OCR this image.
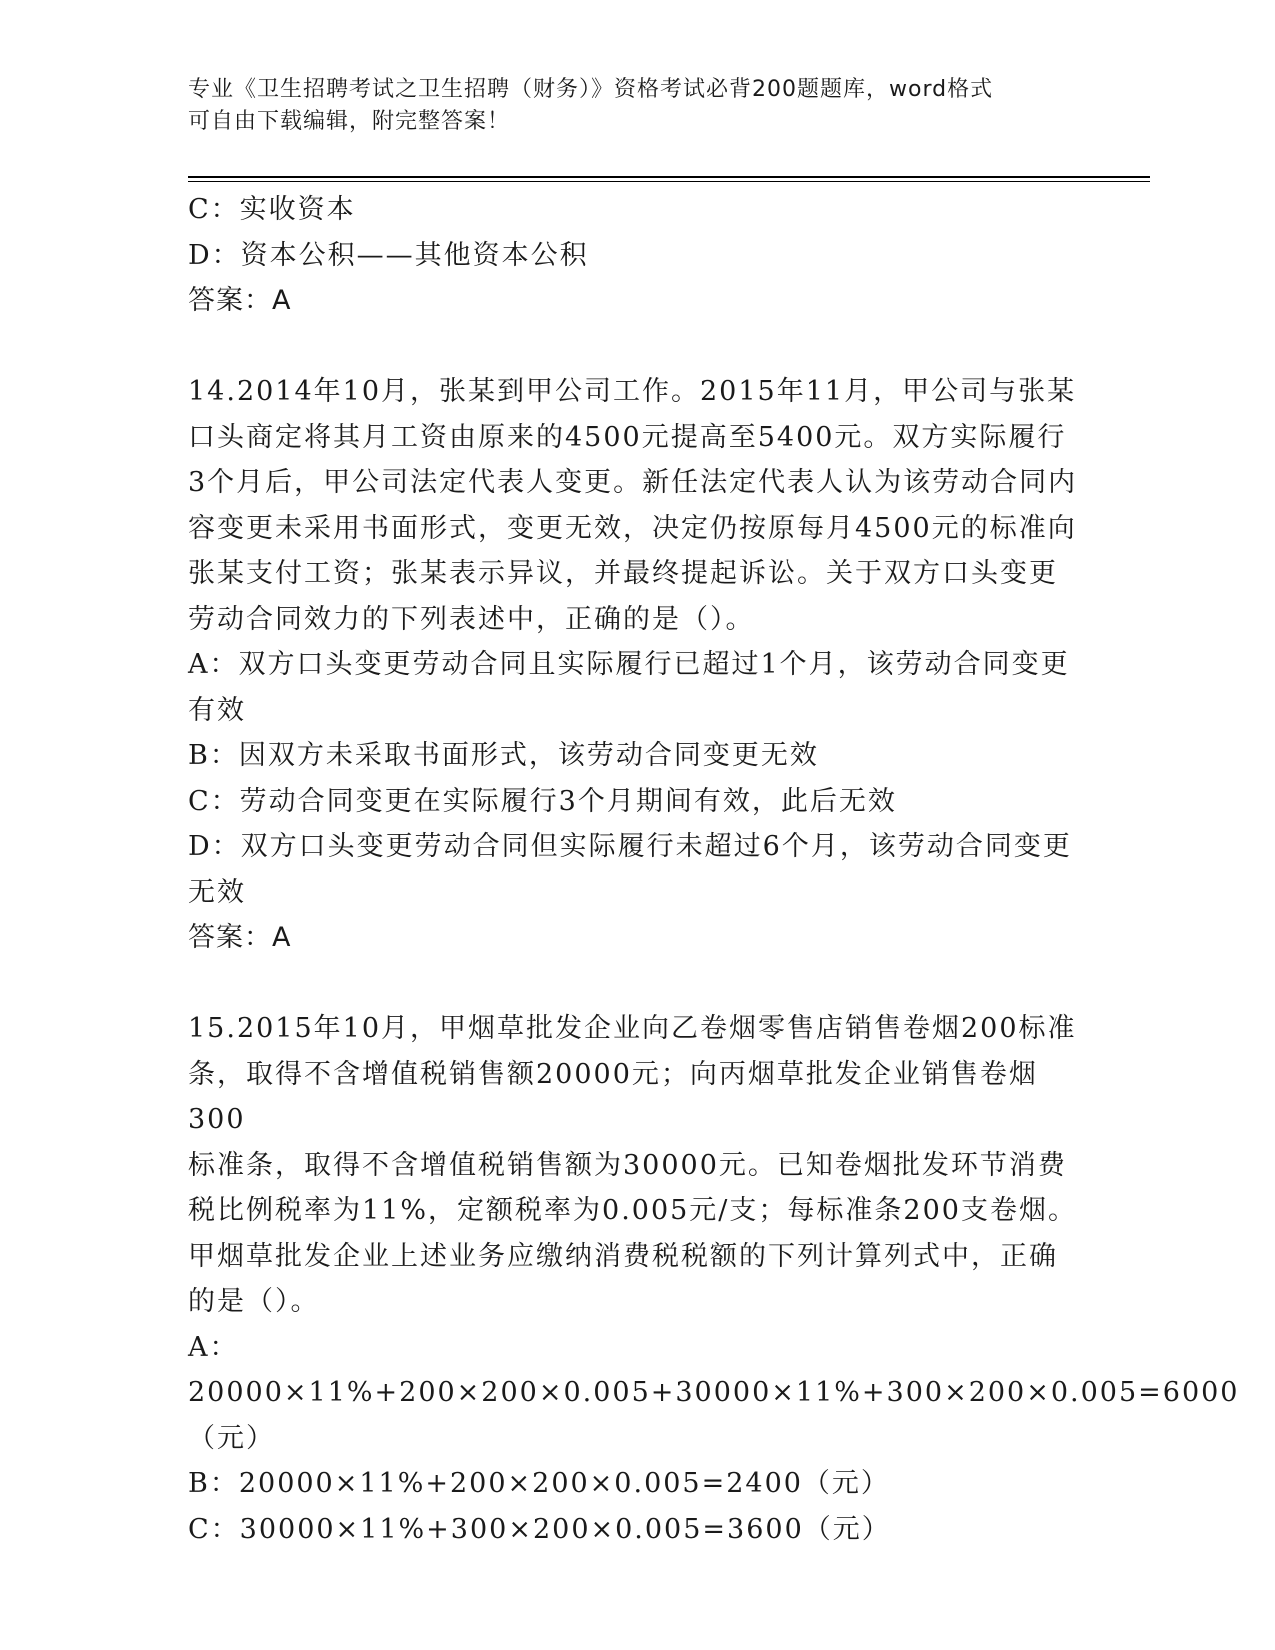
专业《卫生招聘考试之卫生招聘（财务）》资格考试必背200题题库，word格式
可自由下载编辑，附完整答案！

C：实收资本

D：资本公积——其他资本公积

答案：A

14.2014年10月，张某到甲公司工作。2015年11月，甲公司与张某

口头商定将其月工资由原来的4500元提高至5400元。双方实际履行

3个月后，甲公司法定代表人变更。新任法定代表人认为该劳动合同内

容变更未采用书面形式，变更无效，决定仍按原每月4500元的标准向

张某支付工资；张某表示异议，并最终提起诉讼。关于双方口头变更

劳动合同效力的下列表述中，正确的是（）。

A：双方口头变更劳动合同且实际履行已超过1个月，该劳动合同变更

有效

B：因双方未采取书面形式，该劳动合同变更无效

C：劳动合同变更在实际履行3个月期间有效，此后无效

D：双方口头变更劳动合同但实际履行未超过6个月，该劳动合同变更

无效

答案：A

15.2015年10月，甲烟草批发企业向乙卷烟零售店销售卷烟200标准

条，取得不含增值税销售额20000元；向丙烟草批发企业销售卷烟300

标准条，取得不含增值税销售额为30000元。已知卷烟批发环节消费

税比例税率为11%，定额税率为0.005元/支；每标准条200支卷烟。

甲烟草批发企业上述业务应缴纳消费税税额的下列计算列式中，正确

的是（）。

A：20000×11%+200×200×0.005+30000×11%+300×200×0.005=6000

（元）

B：20000×11%+200×200×0.005=2400（元）

C：30000×11%+300×200×0.005=3600（元）
